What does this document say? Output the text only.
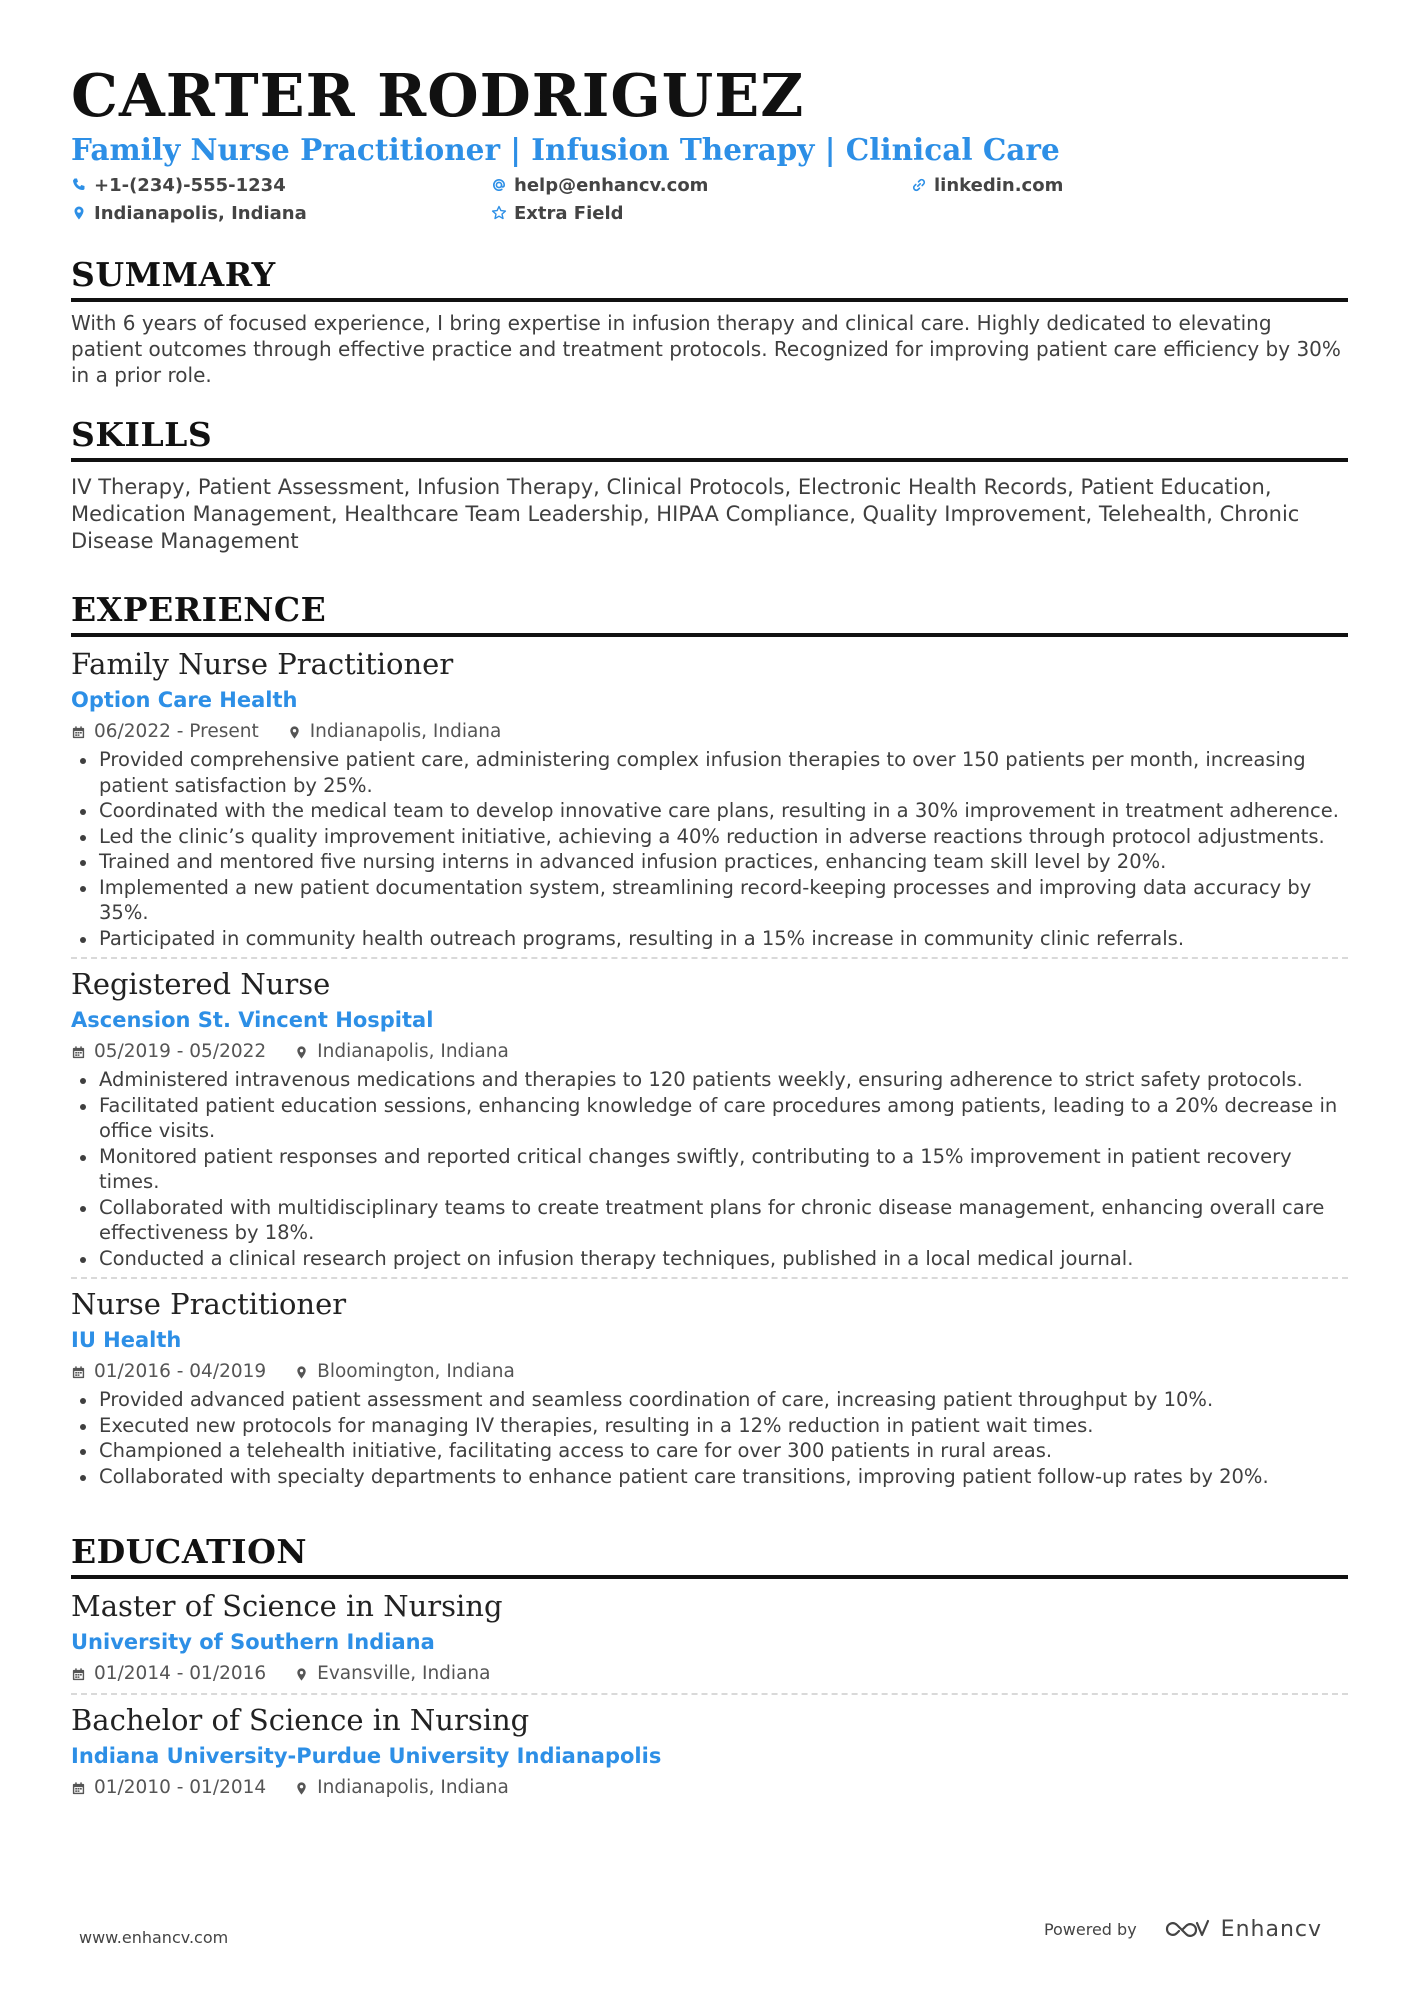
CARTER RODRIGUEZ
Family Nurse Practitioner | Infusion Therapy | Clinical Care
+1-(234)-555-1234	help@enhancv.com	linkedin.com
Indianapolis, Indiana	Extra Field
SUMMARY

With 6 years of focused experience, I bring expertise in infusion therapy and clinical care. Highly dedicated to elevating patient outcomes through effective practice and treatment protocols. Recognized for improving patient care efficiency by 30% in a prior role.

SKILLS

IV Therapy, Patient Assessment, Infusion Therapy, Clinical Protocols, Electronic Health Records, Patient Education, Medication Management, Healthcare Team Leadership, HIPAA Compliance, Quality Improvement, Telehealth, Chronic Disease Management

EXPERIENCE
Family Nurse Practitioner
Option Care Health
06/2022 - Present	Indianapolis, Indiana
Provided comprehensive patient care, administering complex infusion therapies to over 150 patients per month, increasing patient satisfaction by 25%.
Coordinated with the medical team to develop innovative care plans, resulting in a 30% improvement in treatment adherence.
Led the clinic’s quality improvement initiative, achieving a 40% reduction in adverse reactions through protocol adjustments.
Trained and mentored five nursing interns in advanced infusion practices, enhancing team skill level by 20%.
Implemented a new patient documentation system, streamlining record-keeping processes and improving data accuracy by 35%.
Participated in community health outreach programs, resulting in a 15% increase in community clinic referrals.
Registered Nurse
Ascension St. Vincent Hospital
05/2019 - 05/2022	Indianapolis, Indiana
Administered intravenous medications and therapies to 120 patients weekly, ensuring adherence to strict safety protocols.
Facilitated patient education sessions, enhancing knowledge of care procedures among patients, leading to a 20% decrease in office visits.
Monitored patient responses and reported critical changes swiftly, contributing to a 15% improvement in patient recovery times.
Collaborated with multidisciplinary teams to create treatment plans for chronic disease management, enhancing overall care effectiveness by 18%.
Conducted a clinical research project on infusion therapy techniques, published in a local medical journal.
Nurse Practitioner
IU Health
01/2016 - 04/2019	Bloomington, Indiana
Provided advanced patient assessment and seamless coordination of care, increasing patient throughput by 10%.
Executed new protocols for managing IV therapies, resulting in a 12% reduction in patient wait times.
Championed a telehealth initiative, facilitating access to care for over 300 patients in rural areas.
Collaborated with specialty departments to enhance patient care transitions, improving patient follow-up rates by 20%.
EDUCATION
Master of Science in Nursing
University of Southern Indiana
01/2014 - 01/2016	Evansville, Indiana
Bachelor of Science in Nursing
Indiana University-Purdue University Indianapolis
01/2010 - 01/2014	Indianapolis, Indiana
www.enhancv.com	Powered by	Enhancv
